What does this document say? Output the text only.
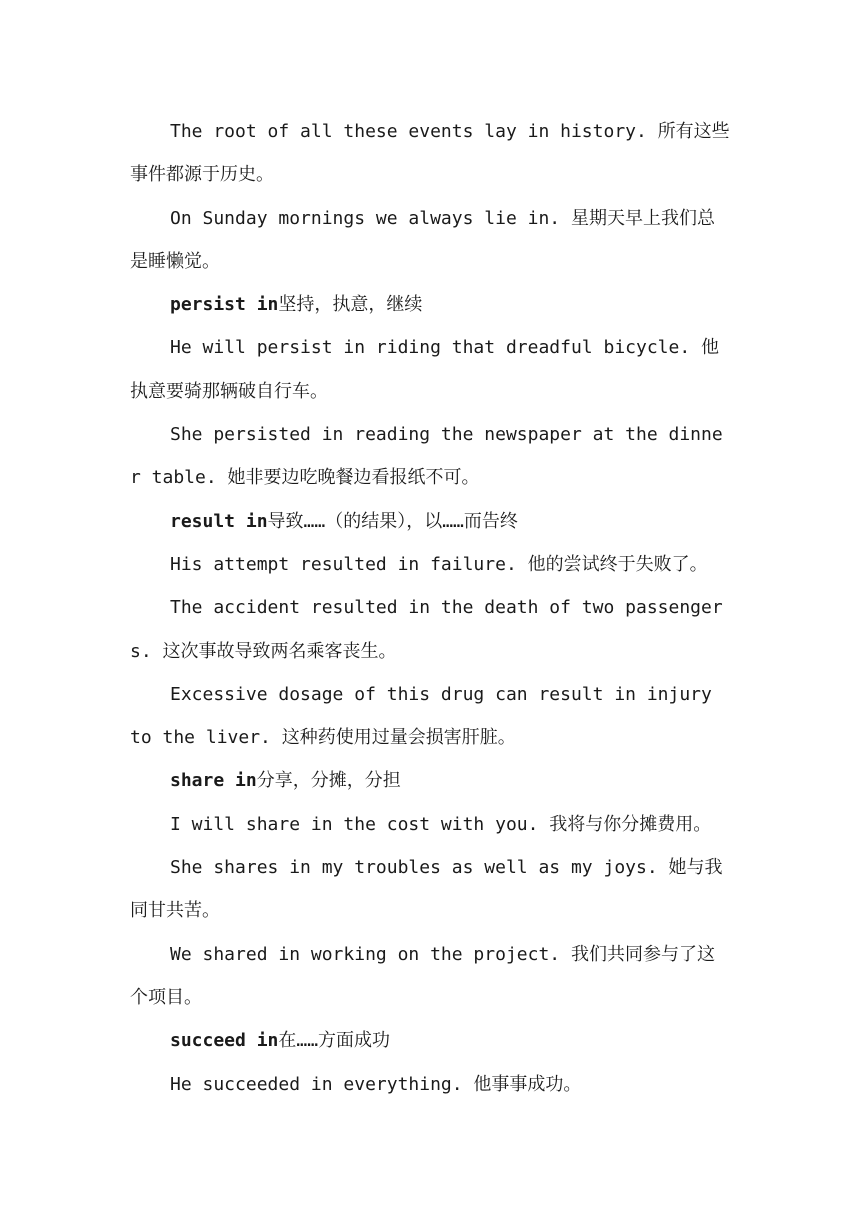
The root of all these events lay in history. 所有这些事件都源于历史。

On Sunday mornings we always lie in. 星期天早上我们总是睡懒觉。

persist in坚持，执意，继续

He will persist in riding that dreadful bicycle. 他执意要骑那辆破自行车。

She persisted in reading the newspaper at the dinner table. 她非要边吃晚餐边看报纸不可。

result in导致……（的结果），以……而告终

His attempt resulted in failure. 他的尝试终于失败了。

The accident resulted in the death of two passengers. 这次事故导致两名乘客丧生。

Excessive dosage of this drug can result in injury to the liver. 这种药使用过量会损害肝脏。

share in分享，分摊，分担

I will share in the cost with you. 我将与你分摊费用。

She shares in my troubles as well as my joys. 她与我同甘共苦。

We shared in working on the project. 我们共同参与了这个项目。

succeed in在……方面成功

He succeeded in everything. 他事事成功。
